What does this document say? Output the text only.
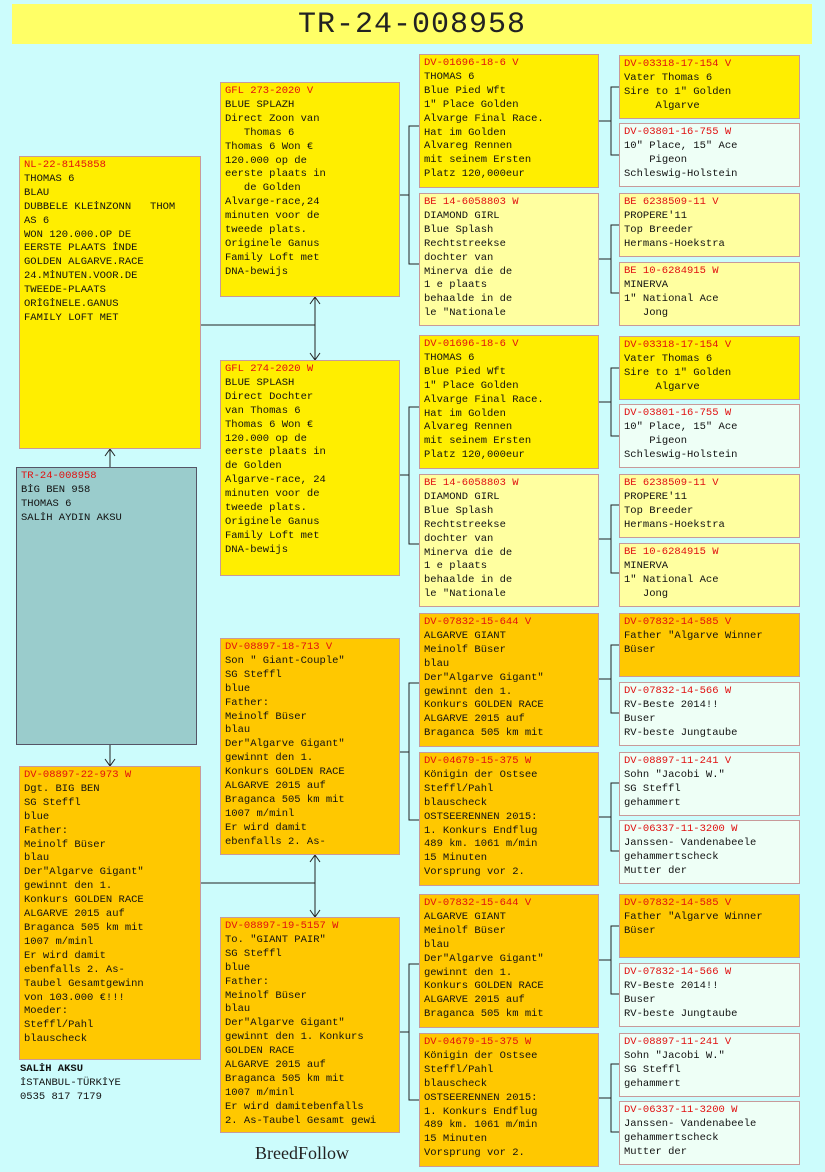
TR-24-008958
TR-24-008958
BİG BEN 958
THOMAS 6
SALİH AYDIN AKSU
NL-22-8145858
THOMAS 6
BLAU
DUBBELE KLEİNZONN   THOM
AS 6
WON 120.000.OP DE
EERSTE PLAATS İNDE
GOLDEN ALGARVE.RACE
24.MİNUTEN.VOOR.DE
TWEEDE-PLAATS
ORİGİNELE.GANUS
FAMILY LOFT MET
DV-08897-22-973 W
Dgt. BIG BEN
SG Steffl
blue
Father:
Meinolf Büser
blau
Der"Algarve Gigant"
gewinnt den 1.
Konkurs GOLDEN RACE
ALGARVE 2015 auf
Braganca 505 km mit
1007 m/minl
Er wird damit
ebenfalls 2. As-
Taubel Gesamtgewinn
von 103.000 €!!!
Moeder:
Steffl/Pahl
blauscheck
GFL 273-2020 V
BLUE SPLAZH
Direct Zoon van
Thomas 6
Thomas 6 Won €
120.000 op de
eerste plaats in
de Golden
Alvarge-race,24
minuten voor de
tweede plats.
Originele Ganus
Family Loft met
DNA-bewijs
GFL 274-2020 W
BLUE SPLASH
Direct Dochter
van Thomas 6
Thomas 6 Won €
120.000 op de
eerste plaats in
de Golden
Algarve-race, 24
minuten voor de
tweede plats.
Originele Ganus
Family Loft met
DNA-bewijs
DV-08897-18-713 V
Son " Giant-Couple"
SG Steffl
blue
Father:
Meinolf Büser
blau
Der"Algarve Gigant"
gewinnt den 1.
Konkurs GOLDEN RACE
ALGARVE 2015 auf
Braganca 505 km mit
1007 m/minl
Er wird damit
ebenfalls 2. As-
DV-08897-19-5157 W
To. "GIANT PAIR"
SG Steffl
blue
Father:
Meinolf Büser
blau
Der"Algarve Gigant"
gewinnt den 1. Konkurs
GOLDEN RACE
ALGARVE 2015 auf
Braganca 505 km mit
1007 m/minl
Er wird damitebenfalls
2. As-Taubel Gesamt gewi
DV-01696-18-6 V
THOMAS 6
Blue Pied Wft
1" Place Golden
Alvarge Final Race.
Hat im Golden
Alvareg Rennen
mit seinem Ersten
Platz 120,000eur
BE 14-6058803 W
DIAMOND GIRL
Blue Splash
Rechtstreekse
dochter van
Minerva die de
1 e plaats
behaalde in de
le "Nationale
DV-01696-18-6 V
THOMAS 6
Blue Pied Wft
1" Place Golden
Alvarge Final Race.
Hat im Golden
Alvareg Rennen
mit seinem Ersten
Platz 120,000eur
BE 14-6058803 W
DIAMOND GIRL
Blue Splash
Rechtstreekse
dochter van
Minerva die de
1 e plaats
behaalde in de
le "Nationale
DV-07832-15-644 V
ALGARVE GIANT
Meinolf Büser
blau
Der"Algarve Gigant"
gewinnt den 1.
Konkurs GOLDEN RACE
ALGARVE 2015 auf
Braganca 505 km mit
DV-04679-15-375 W
Königin der Ostsee
Steffl/Pahl
blauscheck
OSTSEERENNEN 2015:
1. Konkurs Endflug
489 km. 1061 m/min
15 Minuten
Vorsprung vor 2.
DV-07832-15-644 V
ALGARVE GIANT
Meinolf Büser
blau
Der"Algarve Gigant"
gewinnt den 1.
Konkurs GOLDEN RACE
ALGARVE 2015 auf
Braganca 505 km mit
DV-04679-15-375 W
Königin der Ostsee
Steffl/Pahl
blauscheck
OSTSEERENNEN 2015:
1. Konkurs Endflug
489 km. 1061 m/min
15 Minuten
Vorsprung vor 2.
DV-03318-17-154 V
Vater Thomas 6
Sire to 1" Golden
Algarve
DV-03801-16-755 W
10" Place, 15" Ace
Pigeon
Schleswig-Holstein
BE 6238509-11 V
PROPERE'11
Top Breeder
Hermans-Hoekstra
BE 10-6284915 W
MINERVA
1" National Ace
Jong
DV-03318-17-154 V
Vater Thomas 6
Sire to 1" Golden
Algarve
DV-03801-16-755 W
10" Place, 15" Ace
Pigeon
Schleswig-Holstein
BE 6238509-11 V
PROPERE'11
Top Breeder
Hermans-Hoekstra
BE 10-6284915 W
MINERVA
1" National Ace
Jong
DV-07832-14-585 V
Father "Algarve Winner
Büser
DV-07832-14-566 W
RV-Beste 2014!!
Buser
RV-beste Jungtaube
DV-08897-11-241 V
Sohn "Jacobi W."
SG Steffl
gehammert
DV-06337-11-3200 W
Janssen- Vandenabeele
gehammertscheck
Mutter der
DV-07832-14-585 V
Father "Algarve Winner
Büser
DV-07832-14-566 W
RV-Beste 2014!!
Buser
RV-beste Jungtaube
DV-08897-11-241 V
Sohn "Jacobi W."
SG Steffl
gehammert
DV-06337-11-3200 W
Janssen- Vandenabeele
gehammertscheck
Mutter der
SALİH AKSU
İSTANBUL-TÜRKİYE
0535 817 7179
BreedFollow
